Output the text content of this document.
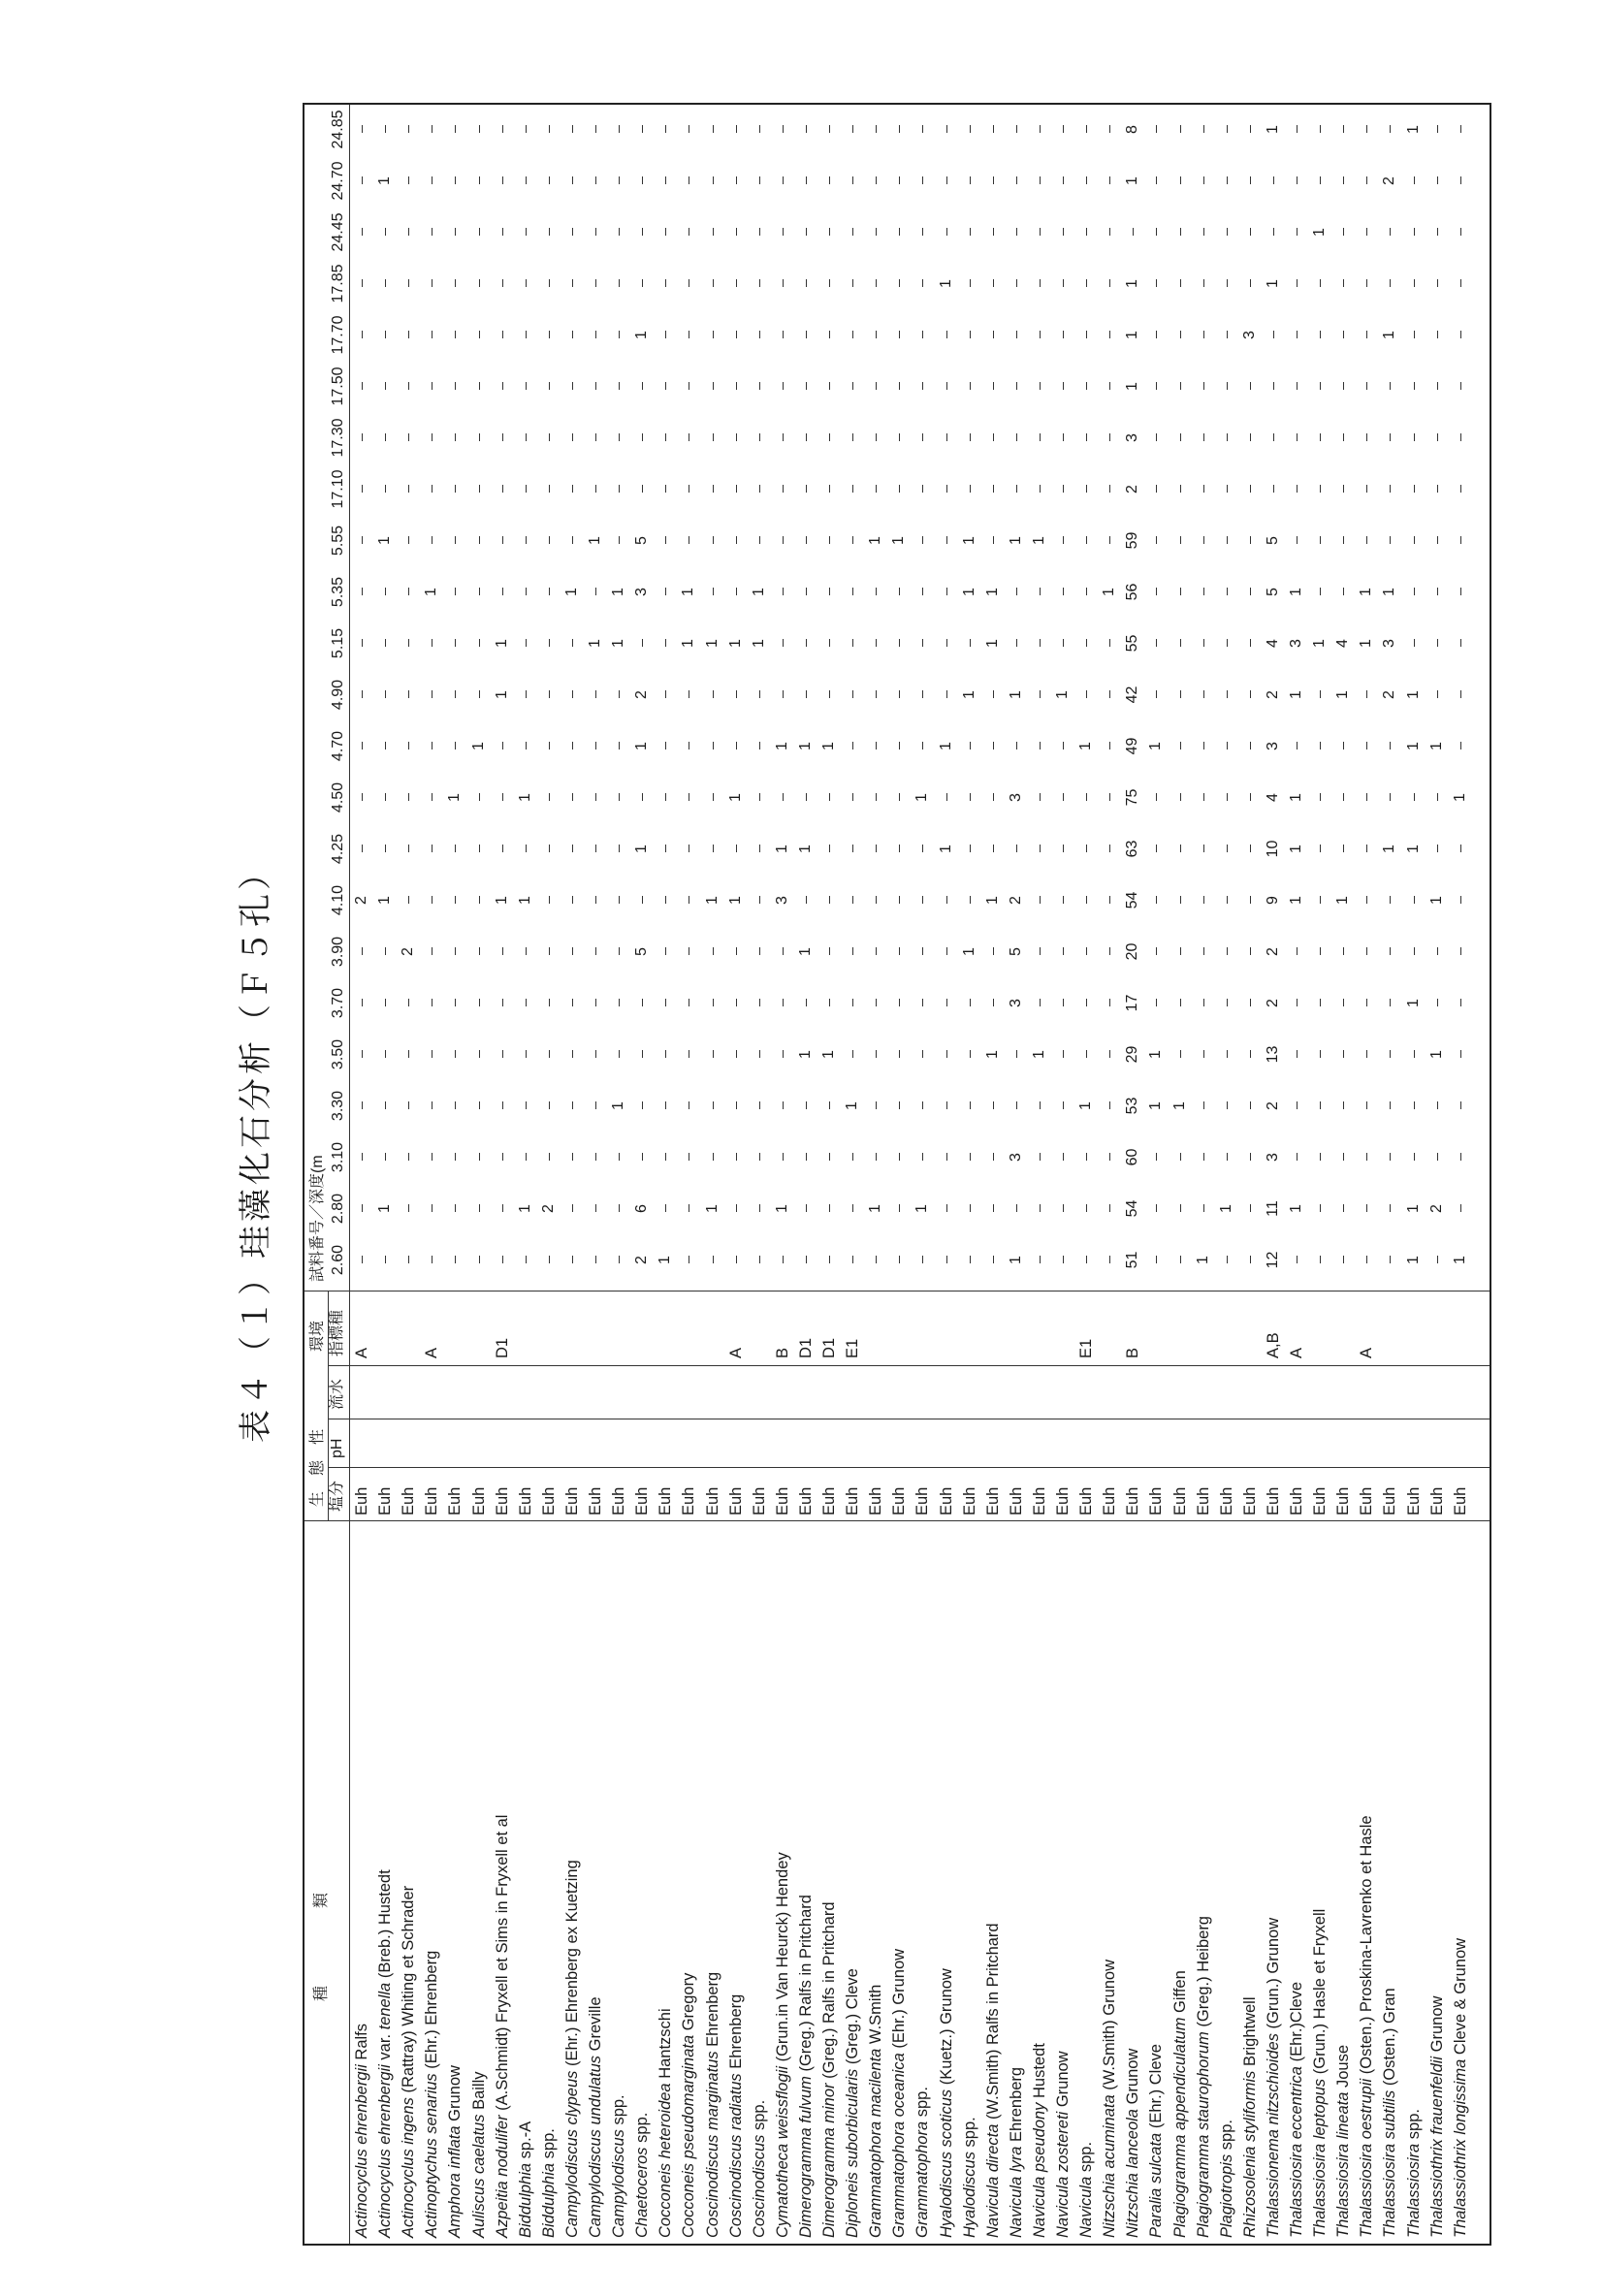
表４（１）珪藻化石分析（Ｆ５孔）
種　　　　　類
生　態　性 塩分
pH
流水
環境 指標種
試料番号／深度(m 2.60
2.80
3.10
3.30
3.50
3.70
3.90
4.10
4.25
4.50
4.70
4.90
5.15
5.35
5.55
17.10
17.30
17.50
17.70
17.85
24.45
24.70
24.85
Actinocyclus ehrenbergii Ralfs
Euh
A
2
Actinocyclus ehrenbergii var. tenella (Breb.) Hustedt
Euh
1
1
1
1
Actinocyclus ingens (Rattray) Whiting et Schrader
Euh
2
Actinoptychus senarius (Ehr.) Ehrenberg
Euh
A
1
Amphora inflata Grunow
Euh
1
Auliscus caelatus Bailly
Euh
1
Azpeitia nodulifer (A.Schmidt) Fryxell et Sims in Fryxell et al
Euh
D1
1
1
1
Biddulphia sp.-A
Euh
1
1
1
Biddulphia spp.
Euh
2
Campylodiscus clypeus (Ehr.) Ehrenberg ex Kuetzing
Euh
1
Campylodiscus undulatus Greville
Euh
1
1
Campylodiscus spp.
Euh
1
1
1
Chaetoceros spp.
Euh
2
6
5
1
1
2
3
5
1
Cocconeis heteroidea Hantzschi
Euh
1
Cocconeis pseudomarginata Gregory
Euh
1
1
Coscinodiscus marginatus Ehrenberg
Euh
1
1
1
Coscinodiscus radiatus Ehrenberg
Euh
A
1
1
1
Coscinodiscus spp.
Euh
1
1
Cymatotheca weissflogii (Grun.in Van Heurck) Hendey
Euh
B
1
3
1
1
Dimerogramma fulvum (Greg.) Ralfs in Pritchard
Euh
D1
1
1
1
1
Dimerogramma minor (Greg.) Ralfs in Pritchard
Euh
D1
1
1
Diploneis suborbicularis (Greg.) Cleve
Euh
E1
1
Grammatophora macilenta W.Smith
Euh
1
1
Grammatophora oceanica (Ehr.) Grunow
Euh
1
Grammatophora spp.
Euh
1
1
Hyalodiscus scoticus (Kuetz.) Grunow
Euh
1
1
1
Hyalodiscus spp.
Euh
1
1
1
1
Navicula directa (W.Smith) Ralfs in Pritchard
Euh
1
1
1
1
Navicula lyra Ehrenberg
Euh
1
3
3
5
2
3
1
1
Navicula pseudony Hustedt
Euh
1
1
Navicula zostereti Grunow
Euh
1
Navicula spp.
Euh
E1
1
1
Nitzschia acuminata (W.Smith) Grunow
Euh
1
Nitzschia lanceola Grunow
Euh
B
51
54
60
53
29
17
20
54
63
75
49
42
55
56
59
2
3
1
1
1
1
8
Paralia sulcata (Ehr.) Cleve
Euh
1
1
1
Plagiogramma appendiculatum Giffen
Euh
1
Plagiogramma staurophorum (Greg.) Heiberg
Euh
1
Plagiotropis spp.
Euh
1
Rhizosolenia styliformis Brightwell
Euh
3
Thalassionema nitzschioides (Grun.) Grunow
Euh
A,B
12
11
3
2
13
2
2
9
10
4
3
2
4
5
5
1
1
Thalassiosira eccentrica (Ehr.)Cleve
Euh
A
1
1
1
1
1
3
1
Thalassiosira leptopus (Grun.) Hasle et Fryxell
Euh
1
1
Thalassiosira lineata Jouse
Euh
1
1
4
Thalassiosira oestrupii (Osten.) Proskina-Lavrenko et Hasle
Euh
A
1
1
Thalassiosira subtilis (Osten.) Gran
Euh
1
2
3
1
1
2
Thalassiosira spp.
Euh
1
1
1
1
1
1
1
Thalassiothrix frauenfeldii Grunow
Euh
2
1
1
1
Thalassiothrix longissima Cleve & Grunow
Euh
1
1
